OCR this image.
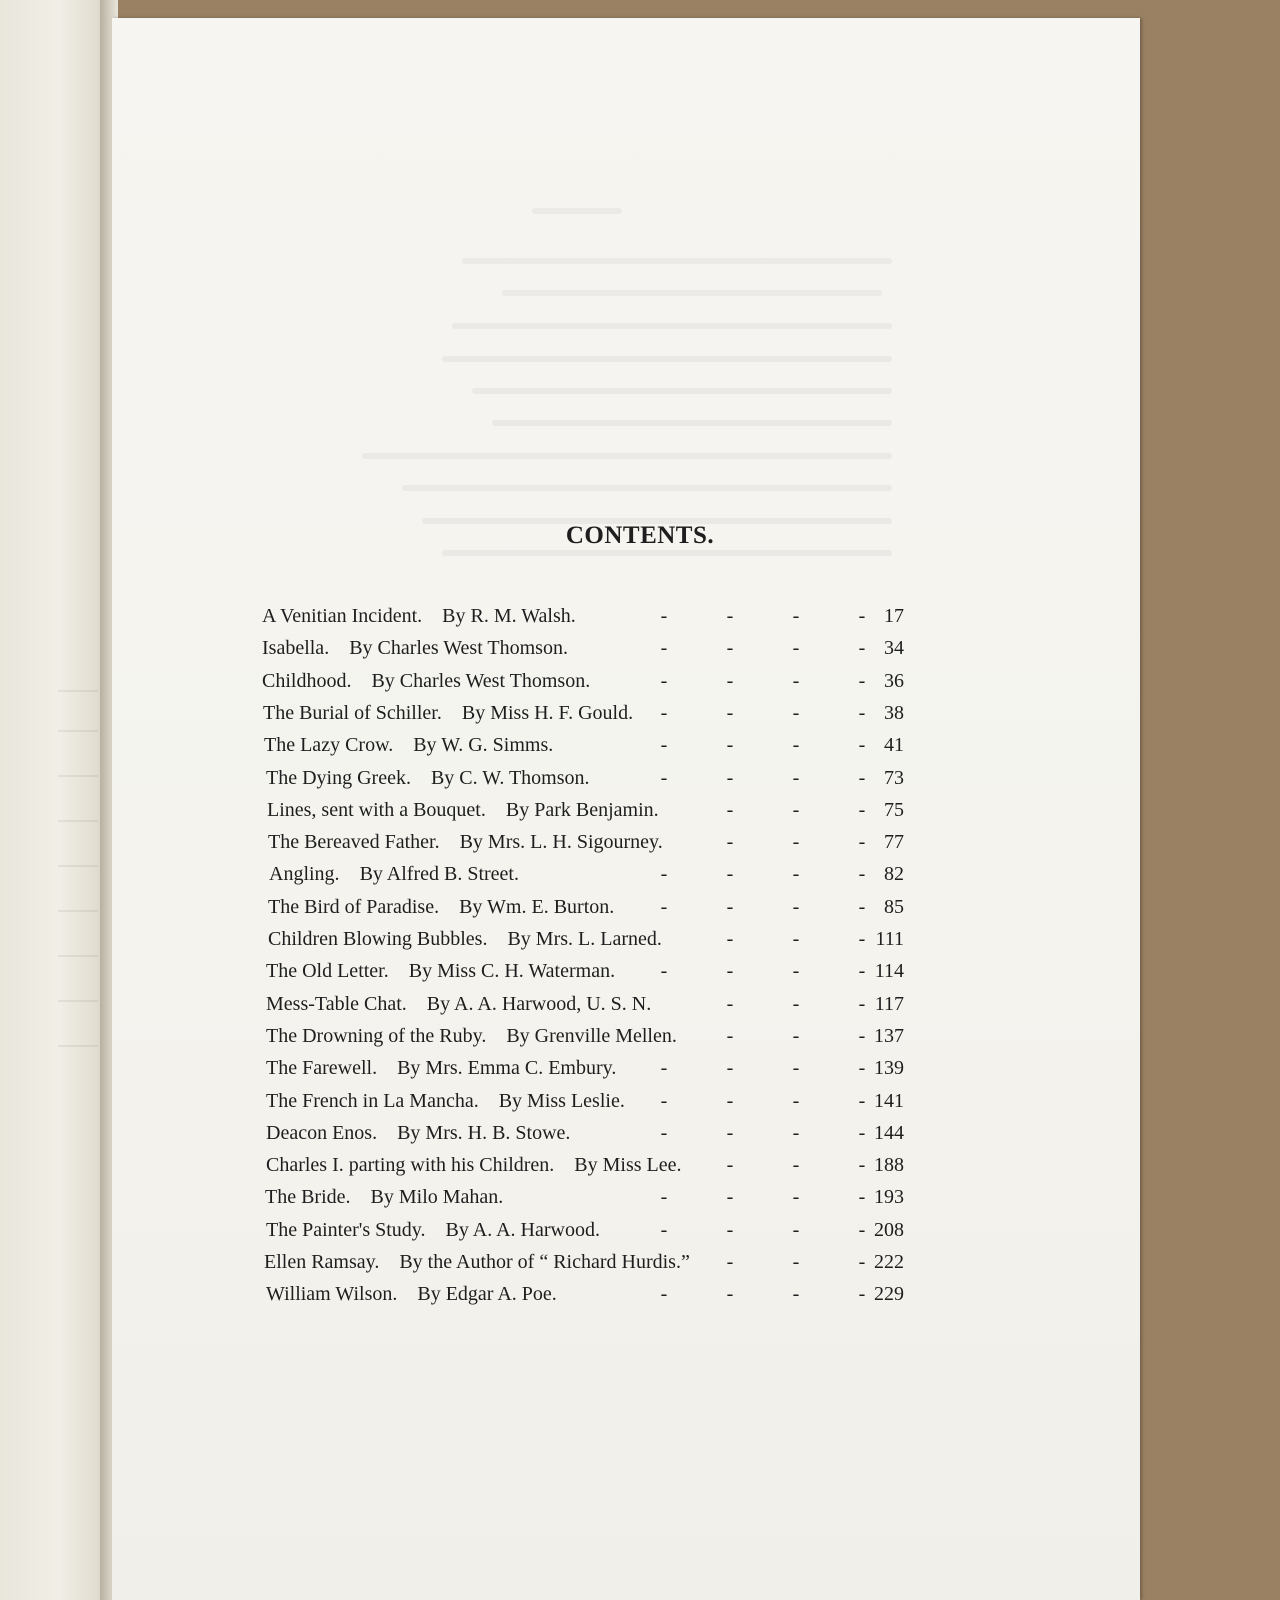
CONTENTS.
A Venitian Incident.  By R. M. Walsh.	17
-	-	-	-
Isabella.  By Charles West Thomson.	34
-	-	-	-
Childhood.  By Charles West Thomson.	36
-	-	-	-
The Burial of Schiller.  By Miss H. F. Gould.	38
-	-	-	-
The Lazy Crow.  By W. G. Simms.	41
-	-	-	-
The Dying Greek.  By C. W. Thomson.	73
-	-	-	-
Lines, sent with a Bouquet.  By Park Benjamin.	75
-	-	-
The Bereaved Father.  By Mrs. L. H. Sigourney.	77
-	-	-
Angling.  By Alfred B. Street.	82
-	-	-	-
The Bird of Paradise.  By Wm. E. Burton.	85
-	-	-	-
Children Blowing Bubbles.  By Mrs. L. Larned.	111
-	-	-
The Old Letter.  By Miss C. H. Waterman.	114
-	-	-	-
Mess-Table Chat.  By A. A. Harwood, U. S. N.	117
-	-	-
The Drowning of the Ruby.  By Grenville Mellen.	137
-	-	-
The Farewell.  By Mrs. Emma C. Embury.	139
-	-	-	-
The French in La Mancha.  By Miss Leslie.	141
-	-	-	-
Deacon Enos.  By Mrs. H. B. Stowe.	144
-	-	-	-
Charles I. parting with his Children.  By Miss Lee.	188
-	-	-
The Bride.  By Milo Mahan.	193
-	-	-	-
The Painter's Study.  By A. A. Harwood.	208
-	-	-	-
Ellen Ramsay.  By the Author of “ Richard Hurdis.”	222
-	-	-
William Wilson.  By Edgar A. Poe.	229
-	-	-	-
